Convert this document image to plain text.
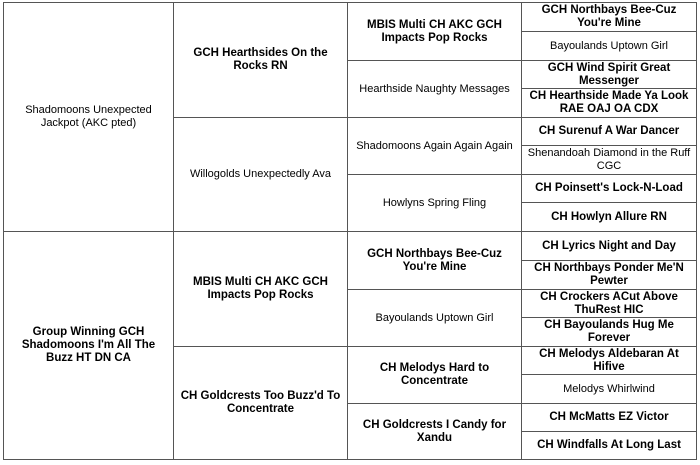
Shadomoons Unexpected Jackpot (AKC pted)
Group Winning GCH Shadomoons I'm All The Buzz HT DN CA
GCH Hearthsides On the Rocks RN
Willogolds Unexpectedly Ava
MBIS Multi CH AKC GCH Impacts Pop Rocks
CH Goldcrests Too Buzz'd To Concentrate
MBIS Multi CH AKC GCH Impacts Pop Rocks
Hearthside Naughty Messages
Shadomoons Again Again Again
Howlyns Spring Fling
GCH Northbays Bee-Cuz You're Mine
Bayoulands Uptown Girl
CH Melodys Hard to Concentrate
CH Goldcrests I Candy for Xandu
GCH Northbays Bee-Cuz You're Mine
Bayoulands Uptown Girl
GCH Wind Spirit Great Messenger
CH Hearthside Made Ya Look RAE OAJ OA CDX
CH Surenuf A War Dancer
Shenandoah Diamond in the Ruff CGC
CH Poinsett's Lock-N-Load
CH Howlyn Allure RN
CH Lyrics Night and Day
CH Northbays Ponder Me'N Pewter
CH Crockers ACut Above ThuRest HIC
CH Bayoulands Hug Me Forever
CH Melodys Aldebaran At Hifive
Melodys Whirlwind
CH McMatts EZ Victor
CH Windfalls At Long Last
